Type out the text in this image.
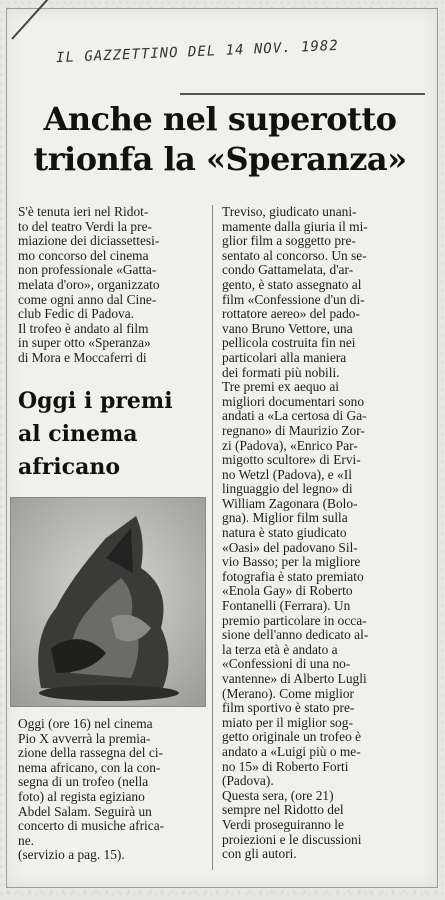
IL GAZZETTINO DEL 14 NOV. 1982
Anche nel superotto
trionfa la «Speranza»
S'è tenuta ieri nel Ridot-
to del teatro Verdi la pre-
miazione dei diciassettesi-
mo concorso del cinema
non professionale «Gatta-
melata d'oro», organizzato
come ogni anno dal Cine-
club Fedic di Padova.
Il trofeo è andato al film
in super otto «Speranza»
di Mora e Moccaferri di
Oggi i premi
al cinema
africano
Oggi (ore 16) nel cinema
Pio X avverrà la premia-
zione della rassegna del ci-
nema africano, con la con-
segna di un trofeo (nella
foto) al regista egiziano
Abdel Salam. Seguirà un
concerto di musiche africa-
ne.
(servizio a pag. 15).
Treviso, giudicato unani-
mamente dalla giuria il mi-
glior film a soggetto pre-
sentato al concorso. Un se-
condo Gattamelata, d'ar-
gento, è stato assegnato al
film «Confessione d'un di-
rottatore aereo» del pado-
vano Bruno Vettore, una
pellicola costruita fin nei
particolari alla maniera
dei formati più nobili.
Tre premi ex aequo ai
migliori documentari sono
andati a «La certosa di Ga-
regnano» di Maurizio Zor-
zi (Padova), «Enrico Par-
migotto scultore» di Ervi-
no Wetzl (Padova), e «Il
linguaggio del legno» di
William Zagonara (Bolo-
gna). Miglior film sulla
natura è stato giudicato
«Oasi» del padovano Sil-
vio Basso; per la migliore
fotografia è stato premiato
«Enola Gay» di Roberto
Fontanelli (Ferrara). Un
premio particolare in occa-
sione dell'anno dedicato al-
la terza età è andato a
«Confessioni di una no-
vantenne» di Alberto Lugli
(Merano). Come miglior
film sportivo è stato pre-
miato per il miglior sog-
getto originale un trofeo è
andato a «Luigi più o me-
no 15» di Roberto Forti
(Padova).
Questa sera, (ore 21)
sempre nel Ridotto del
Verdi proseguiranno le
proiezioni e le discussioni
con gli autori.
